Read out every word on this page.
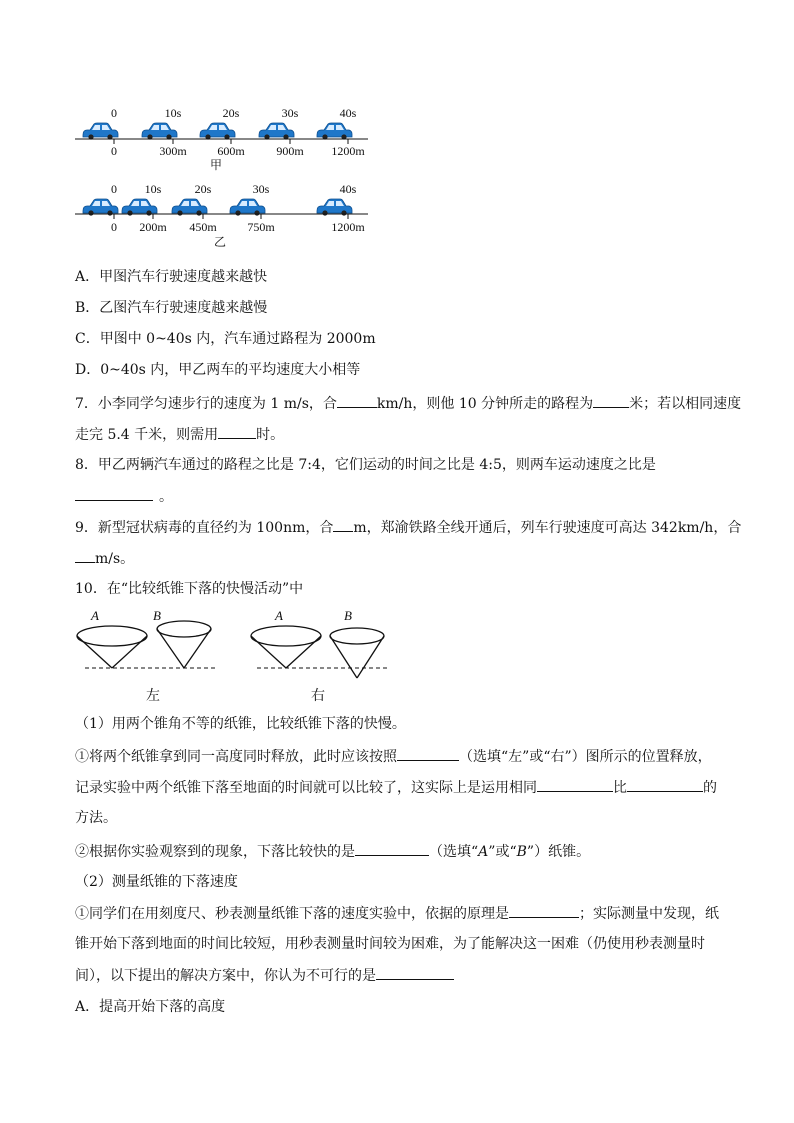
0	10s	20s	30s	40s
0	300m	600m	900m 1200m
甲
0 10s	20s	30s	40s
0 200m 450m	750m	1200m
乙
A．甲图汽车行驶速度越来越快
B．乙图汽车行驶速度越来越慢
C．甲图中 0~40s 内，汽车通过路程为 2000m
D．0~40s 内，甲乙两车的平均速度大小相等
7．小李同学匀速步行的速度为 1 m/s，合	km/h，则他 10 分钟所走的路程为	米；若以相同速度
走完 5.4 千米，则需用	时。
8．甲乙两辆汽车通过的路程之比是 7:4，它们运动的时间之比是 4:5，则两车运动速度之比是
。
9．新型冠状病毒的直径约为 100nm，合 m，郑渝铁路全线开通后，列车行驶速度可高达 342km/h，合
m/s。
10．在“比较纸锥下落的快慢活动”中
A	B
左
A	B
右
（1）用两个锥角不等的纸锥，比较纸锥下落的快慢。
①将两个纸锥拿到同一高度同时释放，此时应该按照	（选填“左”或“右”）图所示的位置释放，
记录实验中两个纸锥下落至地面的时间就可以比较了，这实际上是运用相同	比	的
方法。
②根据你实验观察到的现象，下落比较快的是	（选填“A”或“B”）纸锥。
（2）测量纸锥的下落速度
①同学们在用刻度尺、秒表测量纸锥下落的速度实验中，依据的原理是	；实际测量中发现，纸
锥开始下落到地面的时间比较短，用秒表测量时间较为困难，为了能解决这一困难（仍使用秒表测量时
间），以下提出的解决方案中，你认为不可行的是
A．提高开始下落的高度
